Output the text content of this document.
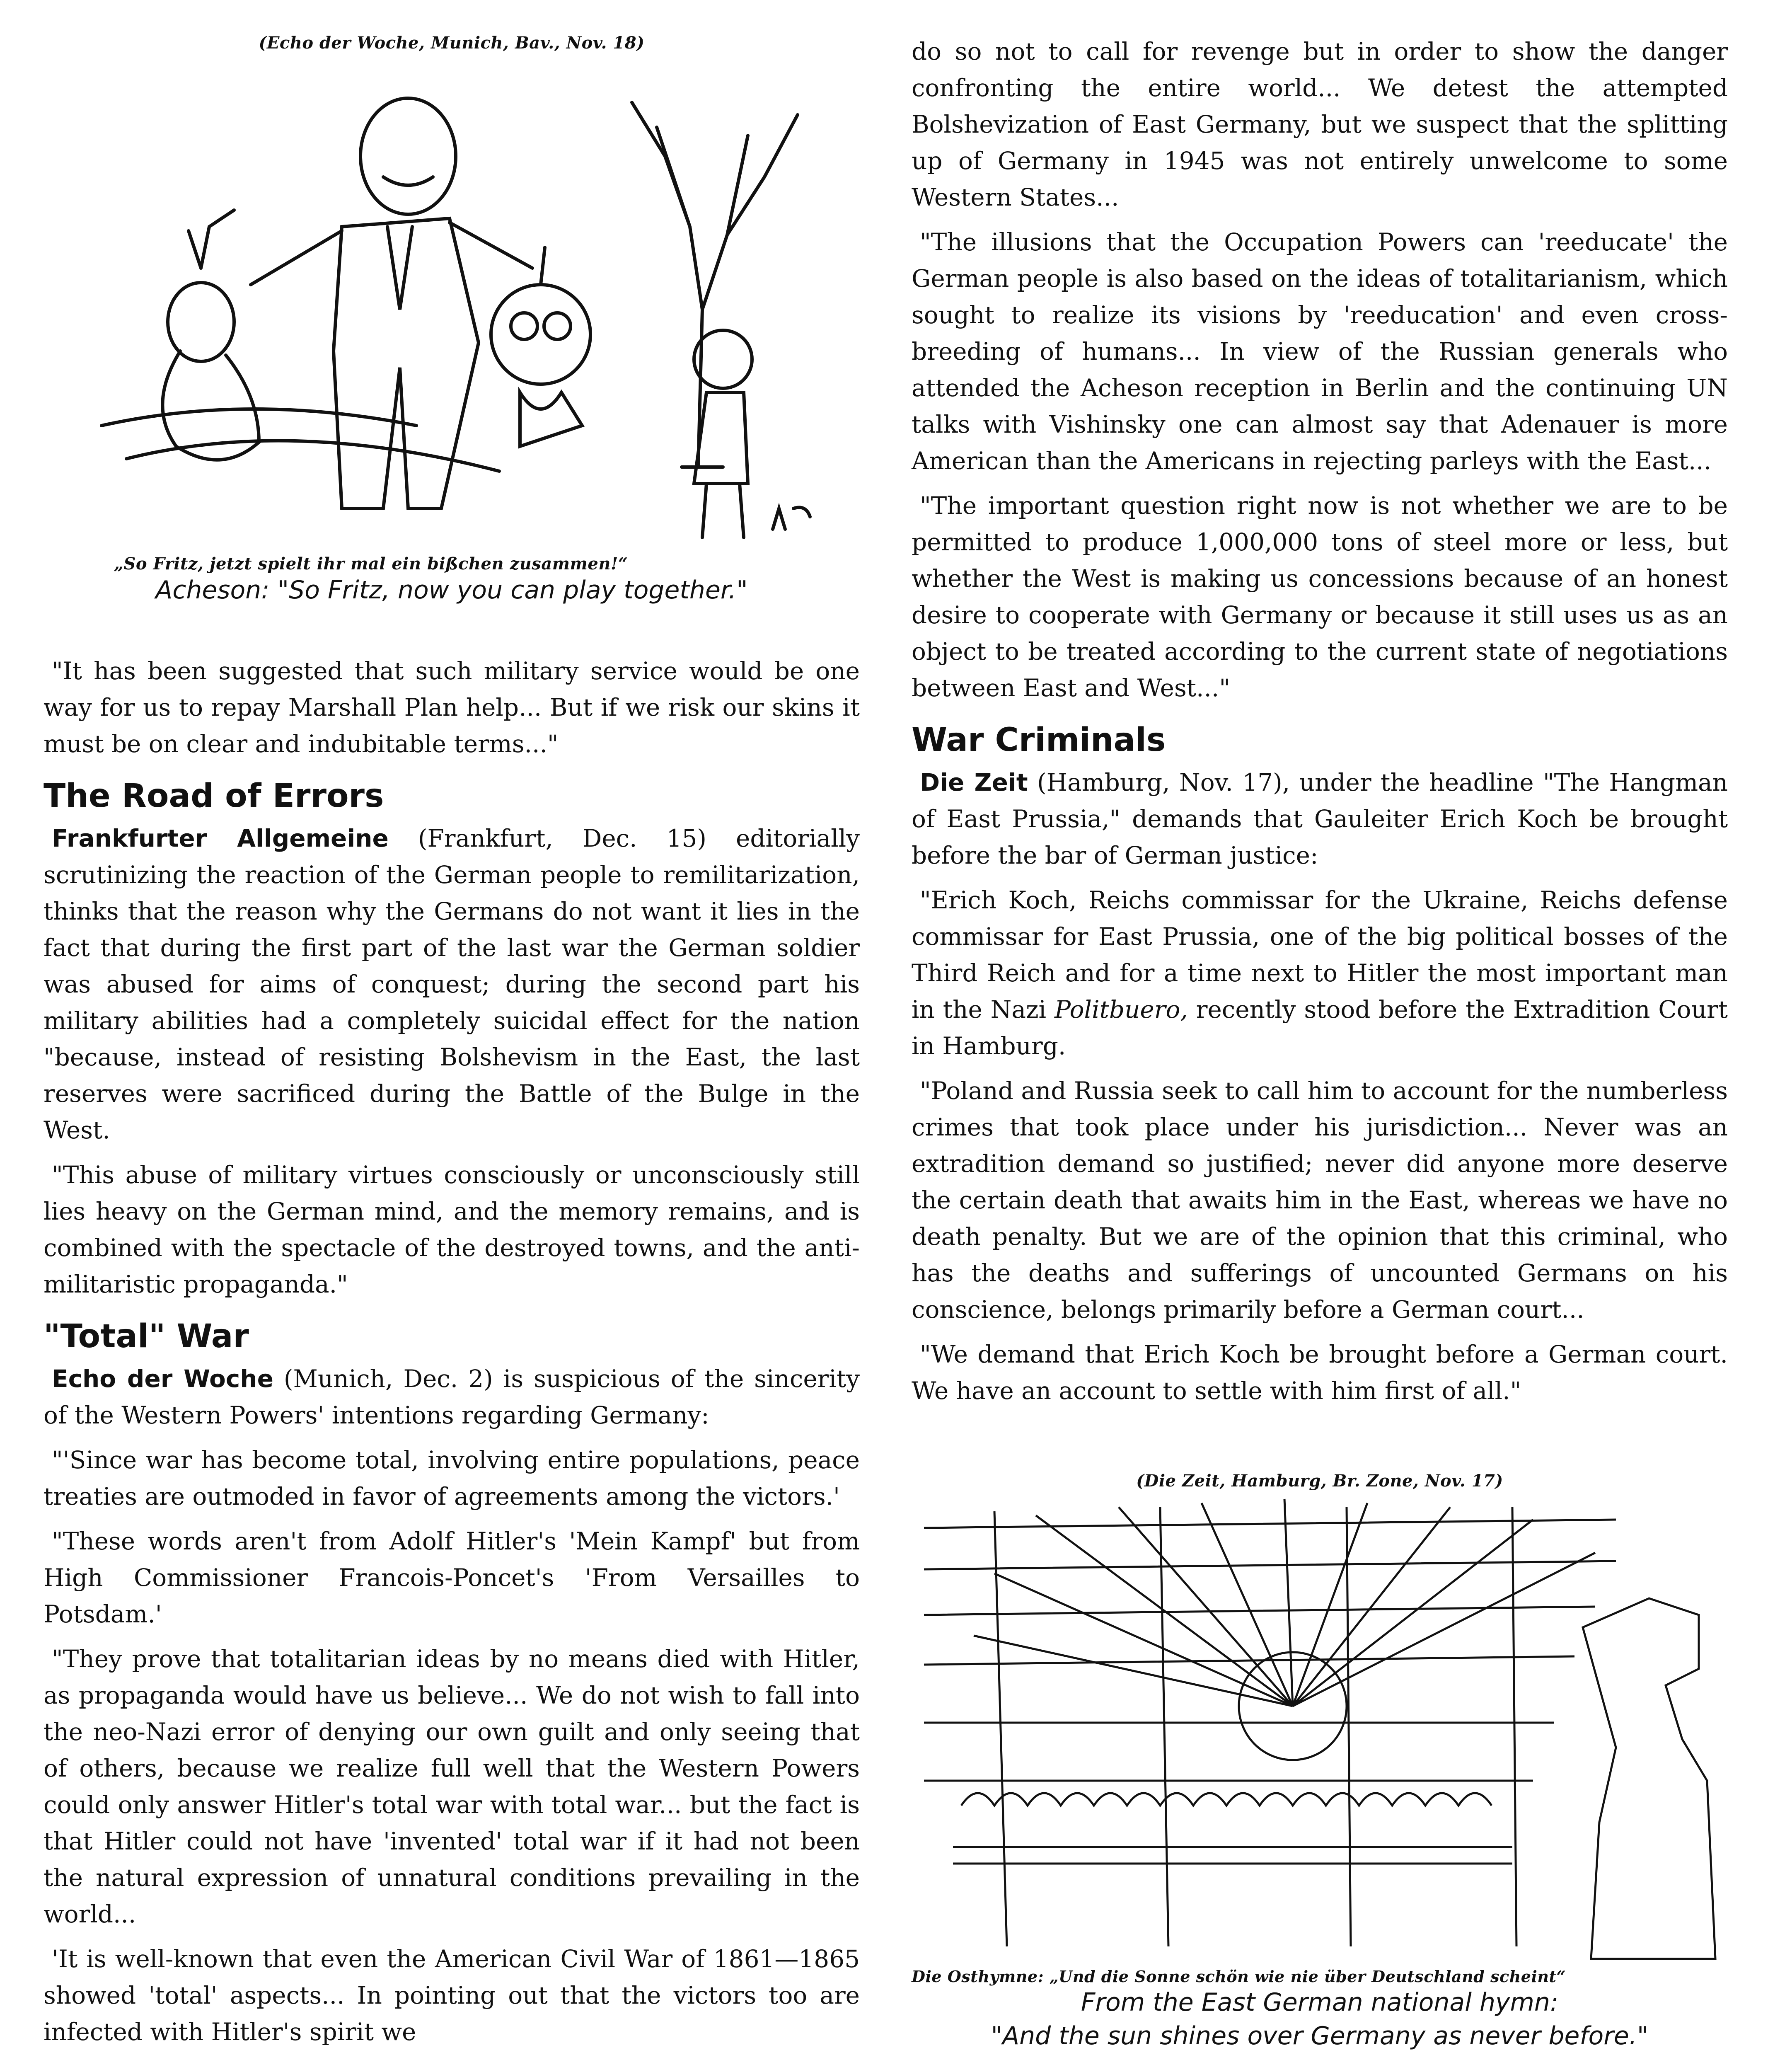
(Echo der Woche, Munich, Bav., Nov. 18)

„So Fritz, jetzt spielt ihr mal ein bißchen zusammen!“

Acheson: "So Fritz, now you can play together."

"It has been suggested that such military service would be one way for us to repay Marshall Plan help... But if we risk our skins it must be on clear and indubitable terms..."

The Road of Errors

Frankfurter Allgemeine (Frankfurt, Dec. 15) editorially scrutinizing the reaction of the German people to remilitarization, thinks that the reason why the Germans do not want it lies in the fact that during the first part of the last war the German soldier was abused for aims of conquest; during the second part his military abilities had a completely suicidal effect for the nation "because, instead of resisting Bolshevism in the East, the last reserves were sacrificed during the Battle of the Bulge in the West.

"This abuse of military virtues consciously or unconsciously still lies heavy on the German mind, and the memory remains, and is combined with the spectacle of the destroyed towns, and the anti-militaristic propaganda."

"Total" War

Echo der Woche (Munich, Dec. 2) is suspicious of the sincerity of the Western Powers' intentions regarding Germany:

"'Since war has become total, involving entire populations, peace treaties are outmoded in favor of agreements among the victors.'

"These words aren't from Adolf Hitler's 'Mein Kampf' but from High Commissioner Francois-Poncet's 'From Versailles to Potsdam.'

"They prove that totalitarian ideas by no means died with Hitler, as propaganda would have us believe... We do not wish to fall into the neo-Nazi error of denying our own guilt and only seeing that of others, because we realize full well that the Western Powers could only answer Hitler's total war with total war... but the fact is that Hitler could not have 'invented' total war if it had not been the natural expression of unnatural conditions prevailing in the world...

'It is well-known that even the American Civil War of 1861—1865 showed 'total' aspects... In pointing out that the victors too are infected with Hitler's spirit we

do so not to call for revenge but in order to show the danger confronting the entire world... We detest the attempted Bolshevization of East Germany, but we suspect that the splitting up of Germany in 1945 was not entirely unwelcome to some Western States...

"The illusions that the Occupation Powers can 'reeducate' the German people is also based on the ideas of totalitarianism, which sought to realize its visions by 'reeducation' and even cross-breeding of humans... In view of the Russian generals who attended the Acheson reception in Berlin and the continuing UN talks with Vishinsky one can almost say that Adenauer is more American than the Americans in rejecting parleys with the East...

"The important question right now is not whether we are to be permitted to produce 1,000,000 tons of steel more or less, but whether the West is making us concessions because of an honest desire to cooperate with Germany or because it still uses us as an object to be treated according to the current state of negotiations between East and West..."

War Criminals

Die Zeit (Hamburg, Nov. 17), under the headline "The Hangman of East Prussia," demands that Gauleiter Erich Koch be brought before the bar of German justice:

"Erich Koch, Reichs commissar for the Ukraine, Reichs defense commissar for East Prussia, one of the big political bosses of the Third Reich and for a time next to Hitler the most important man in the Nazi Politbuero, recently stood before the Extradition Court in Hamburg.

"Poland and Russia seek to call him to account for the numberless crimes that took place under his jurisdiction... Never was an extradition demand so justified; never did anyone more deserve the certain death that awaits him in the East, whereas we have no death penalty. But we are of the opinion that this criminal, who has the deaths and sufferings of uncounted Germans on his conscience, belongs primarily before a German court...

"We demand that Erich Koch be brought before a German court. We have an account to settle with him first of all."

(Die Zeit, Hamburg, Br. Zone, Nov. 17)

Die Osthymne: „Und die Sonne schön wie nie über Deutschland scheint“

From the East German national hymn:

"And the sun shines over Germany as never before."
